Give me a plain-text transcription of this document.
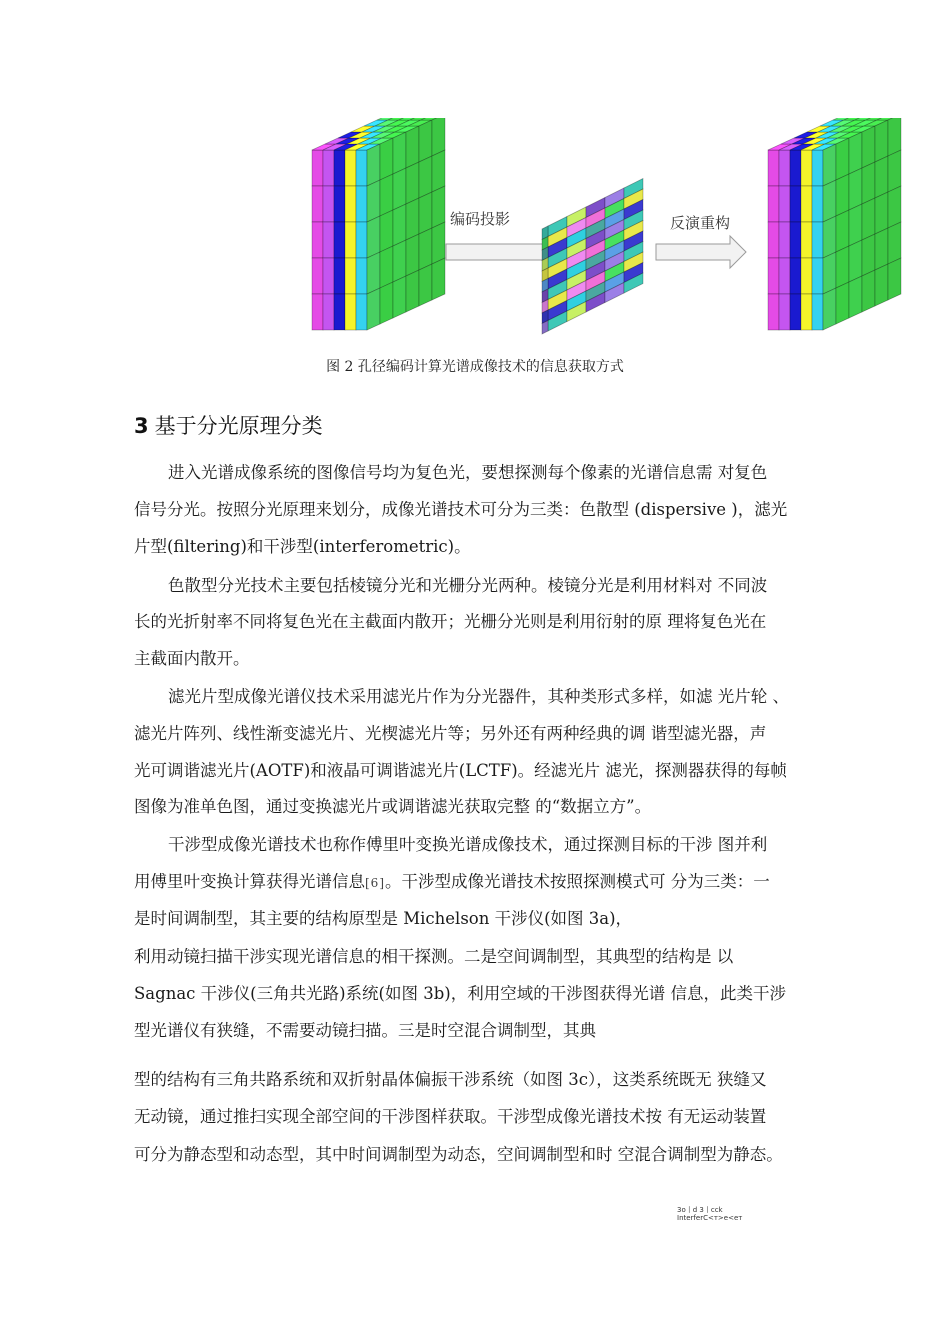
编码投影	反演重构
图 2 孔径编码计算光谱成像技术的信息获取方式
3 基于分光原理分类
进入光谱成像系统的图像信号均为复色光，要想探测每个像素的光谱信息需 对复色
信号分光。按照分光原理来划分，成像光谱技术可分为三类：色散型 (dispersive )，滤光
片型(filtering)和干涉型(interferometric)。
色散型分光技术主要包括棱镜分光和光栅分光两种。棱镜分光是利用材料对 不同波
长的光折射率不同将复色光在主截面内散开；光栅分光则是利用衍射的原 理将复色光在
主截面内散开。
滤光片型成像光谱仪技术采用滤光片作为分光器件，其种类形式多样，如滤 光片轮 、
滤光片阵列、线性渐变滤光片、光楔滤光片等；另外还有两种经典的调 谐型滤光器，声
光可调谐滤光片(AOTF)和液晶可调谐滤光片(LCTF)。经滤光片 滤光，探测器获得的每帧
图像为准单色图，通过变换滤光片或调谐滤光获取完整 的“数据立方”。
干涉型成像光谱技术也称作傅里叶变换光谱成像技术，通过探测目标的干涉 图并利
用傅里叶变换计算获得光谱信息[6]。干涉型成像光谱技术按照探测模式可 分为三类：一
是时间调制型，其主要的结构原型是 Michelson 干涉仪(如图 3a)，
利用动镜扫描干涉实现光谱信息的相干探测。二是空间调制型，其典型的结构是 以
Sagnac 干涉仪(三角共光路)系统(如图 3b)，利用空域的干涉图获得光谱 信息，此类干涉
型光谱仪有狭缝，不需要动镜扫描。三是时空混合调制型，其典
型的结构有三角共路系统和双折射晶体偏振干涉系统（如图 3c），这类系统既无 狭缝又
无动镜，通过推扫实现全部空间的干涉图样获取。干涉型成像光谱技术按 有无运动装置
可分为静态型和动态型，其中时间调制型为动态，空间调制型和时 空混合调制型为静态。
3o丨d 3丨cck
InterferC<т>e<eт
